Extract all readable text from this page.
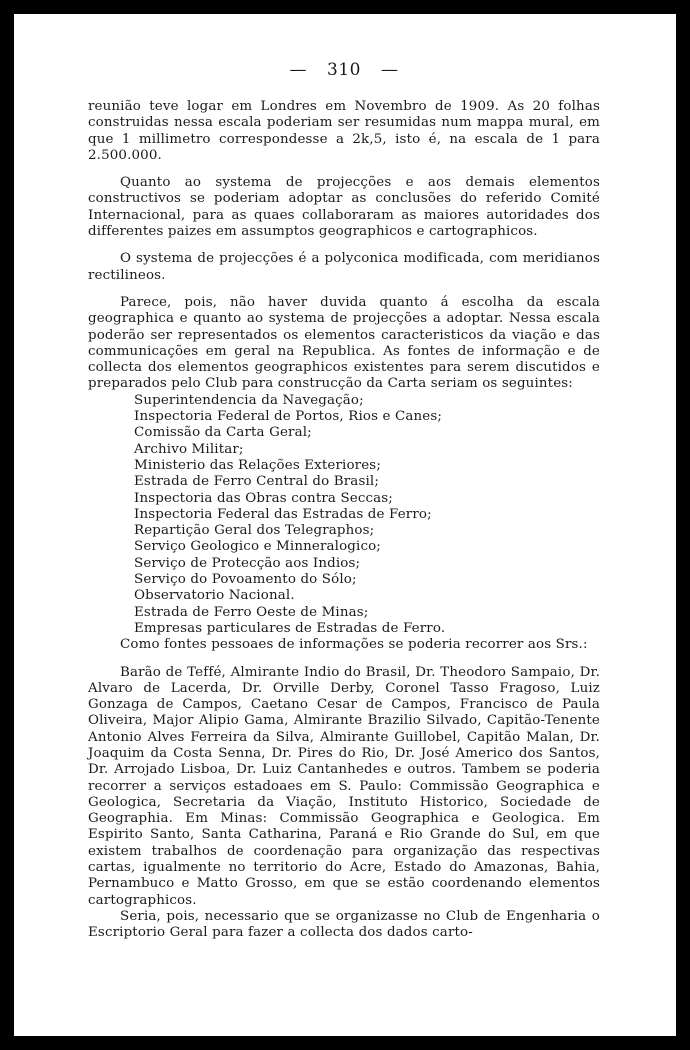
— 310 —

reunião teve logar em Londres em Novembro de 1909. As 20 folhas construidas nessa escala poderiam ser resumidas num mappa mural, em que 1 millimetro correspondesse a 2k,5, isto é, na escala de 1 para 2.500.000.

Quanto ao systema de projecções e aos demais elementos constructivos se poderiam adoptar as conclusões do referido Comité Internacional, para as quaes collaboraram as maiores autoridades dos differentes paizes em assumptos geographicos e cartographicos.

O systema de projecções é a polyconica modificada, com meridianos rectilineos.

Parece, pois, não haver duvida quanto á escolha da escala geographica e quanto ao systema de projecções a adoptar. Nessa escala poderão ser representados os elementos caracteristicos da viação e das communicações em geral na Republica. As fontes de informação e de collecta dos elementos geographicos existentes para serem discutidos e preparados pelo Club para construcção da Carta seriam os seguintes:

Superintendencia da Navegação;
Inspectoria Federal de Portos, Rios e Canes;
Comissão da Carta Geral;
Archivo Militar;
Ministerio das Relações Exteriores;
Estrada de Ferro Central do Brasil;
Inspectoria das Obras contra Seccas;
Inspectoria Federal das Estradas de Ferro;
Repartição Geral dos Telegraphos;
Serviço Geologico e Minneralogico;
Serviço de Protecção aos Indios;
Serviço do Povoamento do Sólo;
Observatorio Nacional.
Estrada de Ferro Oeste de Minas;
Empresas particulares de Estradas de Ferro.

Como fontes pessoaes de informações se poderia recorrer aos Srs.:

Barão de Teffé, Almirante Indio do Brasil, Dr. Theodoro Sampaio, Dr. Alvaro de Lacerda, Dr. Orville Derby, Coronel Tasso Fragoso, Luiz Gonzaga de Campos, Caetano Cesar de Campos, Francisco de Paula Oliveira, Major Alipio Gama, Almirante Brazilio Silvado, Capitão-Tenente Antonio Alves Ferreira da Silva, Almirante Guillobel, Capitão Malan, Dr. Joaquim da Costa Senna, Dr. Pires do Rio, Dr. José Americo dos Santos, Dr. Arrojado Lisboa, Dr. Luiz Cantanhedes e outros. Tambem se poderia recorrer a serviços estadoaes em S. Paulo: Commissão Geographica e Geologica, Secretaria da Viação, Instituto Historico, Sociedade de Geographia. Em Minas: Commissão Geographica e Geologica. Em Espirito Santo, Santa Catharina, Paraná e Rio Grande do Sul, em que existem trabalhos de coordenação para organização das respectivas cartas, igualmente no territorio do Acre, Estado do Amazonas, Bahia, Pernambuco e Matto Grosso, em que se estão coordenando elementos cartographicos.

Seria, pois, necessario que se organizasse no Club de Engenharia o Escriptorio Geral para fazer a collecta dos dados carto-
